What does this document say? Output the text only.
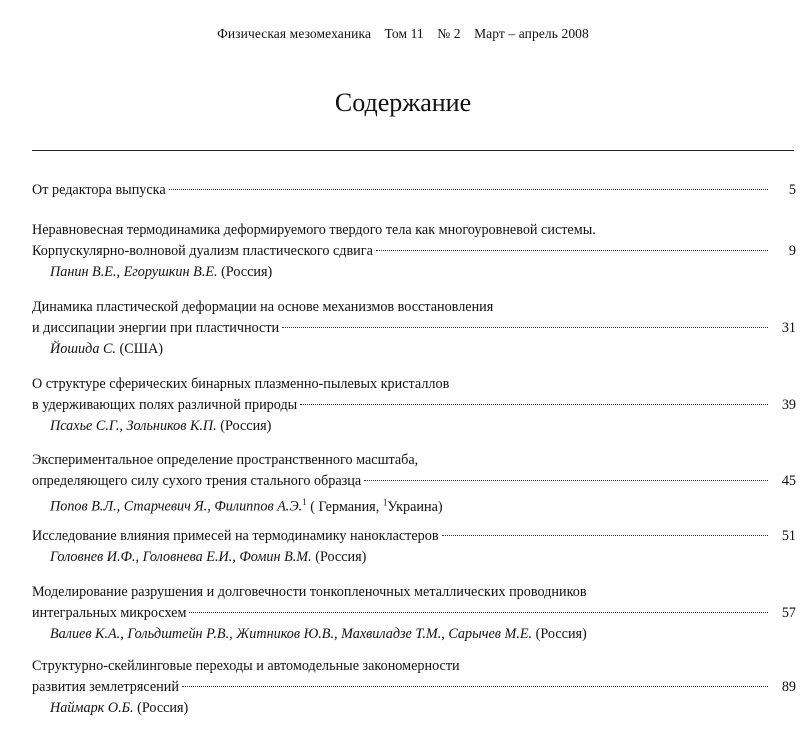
Физическая мезомеханика Том 11 № 2 Март – апрель 2008
Содержание
От редактора выпуска	5
Неравновесная термодинамика деформируемого твердого тела как многоуровневой системы.
Корпускулярно-волновой дуализм пластического сдвига	9
Панин В.Е., Егорушкин В.Е. (Россия)
Динамика пластической деформации на основе механизмов восстановления
и диссипации энергии при пластичности	31
Йошида С. (США)
О структуре сферических бинарных плазменно-пылевых кристаллов
в удерживающих полях различной природы	39
Псахье С.Г., Зольников К.П. (Россия)
Экспериментальное определение пространственного масштаба,
определяющего силу сухого трения стального образца	45
Попов В.Л., Старчевич Я., Филиппов А.Э.$^1$ ( Германия, $^1$Украина)
Исследование влияния примесей на термодинамику нанокластеров	51
Головнев И.Ф., Головнева Е.И., Фомин В.М. (Россия)
Моделирование разрушения и долговечности тонкопленочных металлических проводников
интегральных микросхем	57
Валиев К.А., Гольдштейн Р.В., Житников Ю.В., Махвиладзе Т.М., Сарычев М.Е. (Россия)
Структурно-скейлинговые переходы и автомодельные закономерности
развития землетрясений	89
Наймарк О.Б. (Россия)
